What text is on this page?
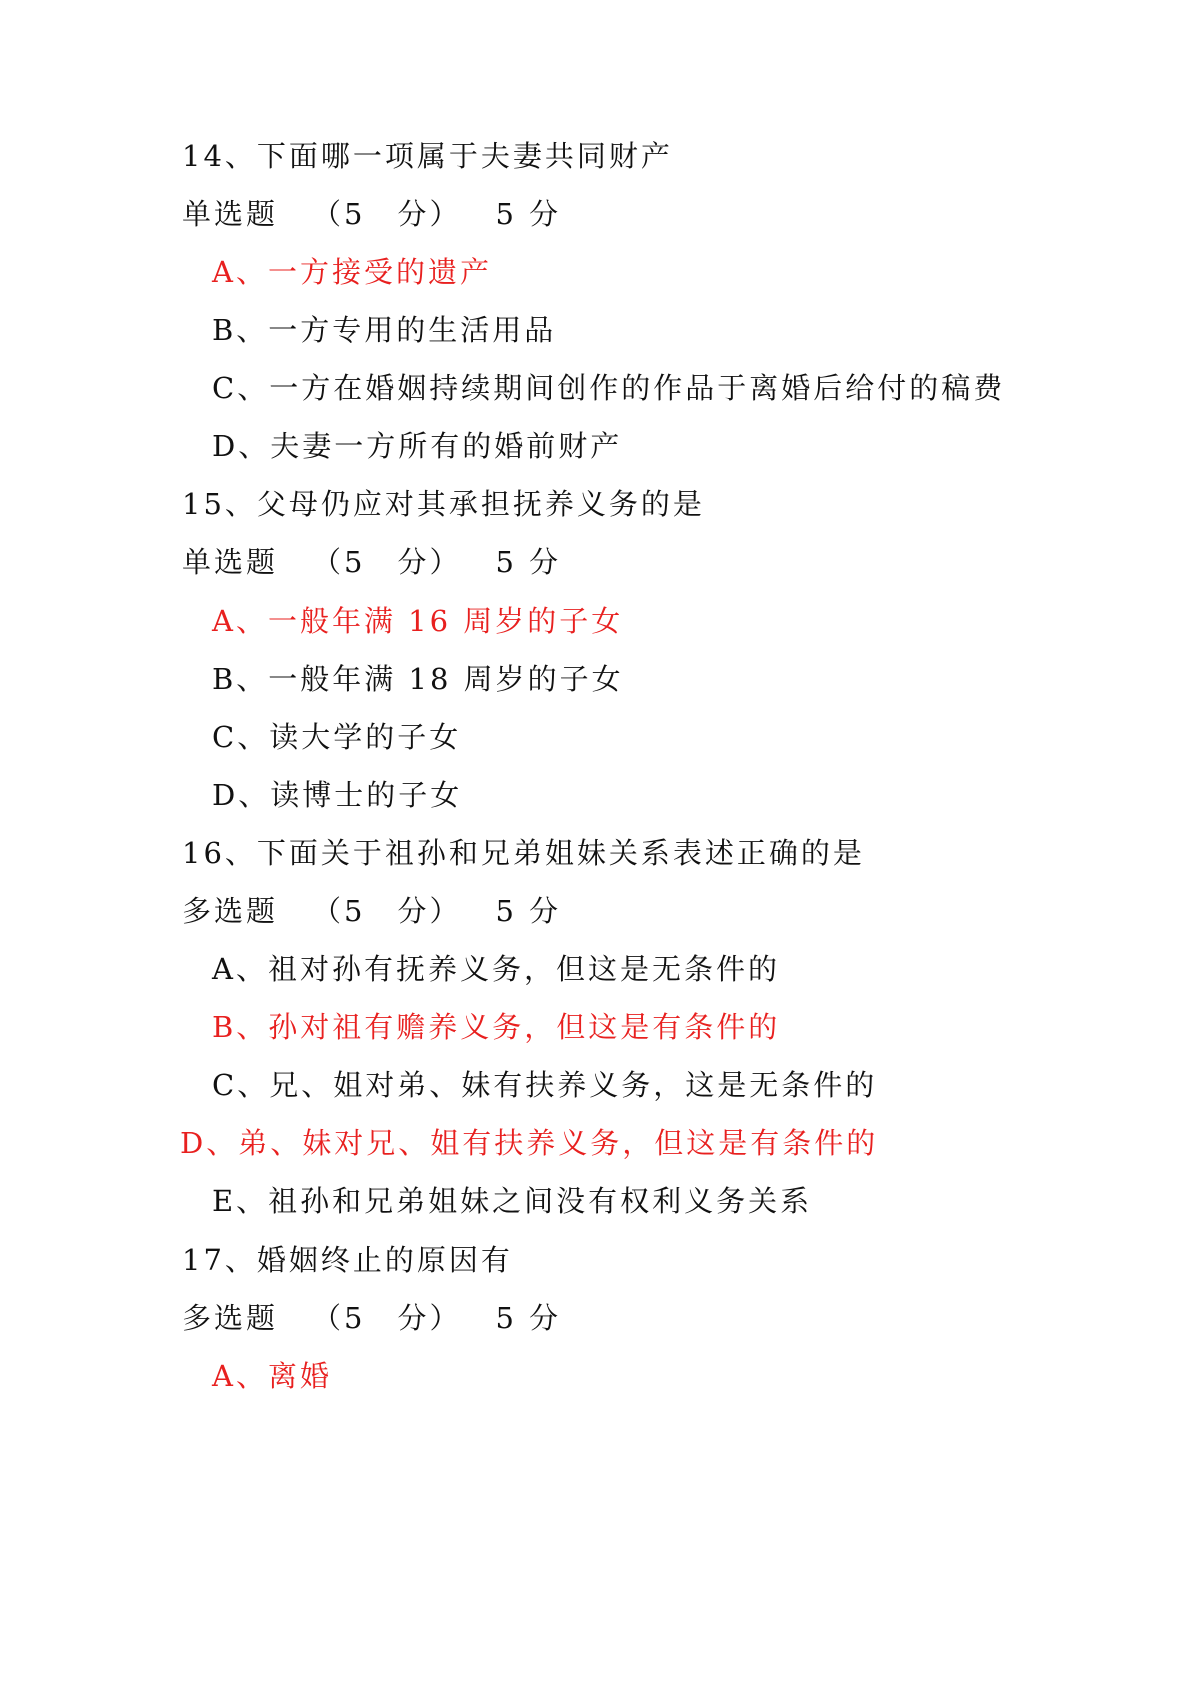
14、下面哪一项属于夫妻共同财产
单选题 （5　分） 5 分
A、一方接受的遗产
B、一方专用的生活用品
C、一方在婚姻持续期间创作的作品于离婚后给付的稿费
D、夫妻一方所有的婚前财产
15、父母仍应对其承担抚养义务的是
单选题 （5　分） 5 分
A、一般年满 16 周岁的子女
B、一般年满 18 周岁的子女
C、读大学的子女
D、读博士的子女
16、下面关于祖孙和兄弟姐妹关系表述正确的是
多选题 （5　分） 5 分
A、祖对孙有抚养义务，但这是无条件的
B、孙对祖有赡养义务，但这是有条件的
C、兄、姐对弟、妹有扶养义务，这是无条件的
D、弟、妹对兄、姐有扶养义务，但这是有条件的
E、祖孙和兄弟姐妹之间没有权利义务关系
17、婚姻终止的原因有
多选题 （5　分） 5 分
A、离婚
